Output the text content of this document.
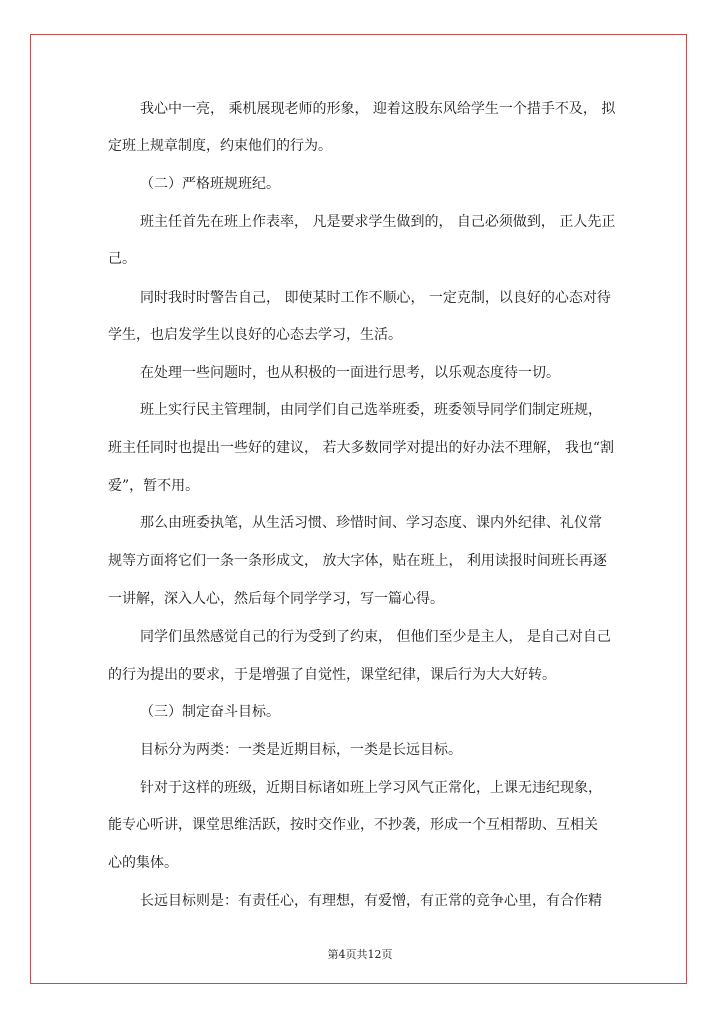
我心中一亮， 乘机展现老师的形象， 迎着这股东风给学生一个措手不及， 拟
定班上规章制度，约束他们的行为。
（二）严格班规班纪。
班主任首先在班上作表率， 凡是要求学生做到的， 自己必须做到， 正人先正
己。
同时我时时警告自己， 即使某时工作不顺心， 一定克制，以良好的心态对待
学生，也启发学生以良好的心态去学习，生活。
在处理一些问题时，也从积极的一面进行思考，以乐观态度待一切。
班上实行民主管理制，由同学们自己选举班委，班委领导同学们制定班规，
班主任同时也提出一些好的建议， 若大多数同学对提出的好办法不理解， 我也“割
爱”，暂不用。
那么由班委执笔，从生活习惯、珍惜时间、学习态度、课内外纪律、礼仪常
规等方面将它们一条一条形成文， 放大字体，贴在班上， 利用读报时间班长再逐
一讲解，深入人心，然后每个同学学习，写一篇心得。
同学们虽然感觉自己的行为受到了约束， 但他们至少是主人， 是自己对自己
的行为提出的要求，于是增强了自觉性，课堂纪律，课后行为大大好转。
（三）制定奋斗目标。
目标分为两类：一类是近期目标，一类是长远目标。
针对于这样的班级，近期目标诸如班上学习风气正常化，上课无违纪现象，
能专心听讲，课堂思维活跃，按时交作业，不抄袭，形成一个互相帮助、互相关
心的集体。
长远目标则是：有责任心，有理想，有爱憎，有正常的竞争心里，有合作精
第4页共12页
